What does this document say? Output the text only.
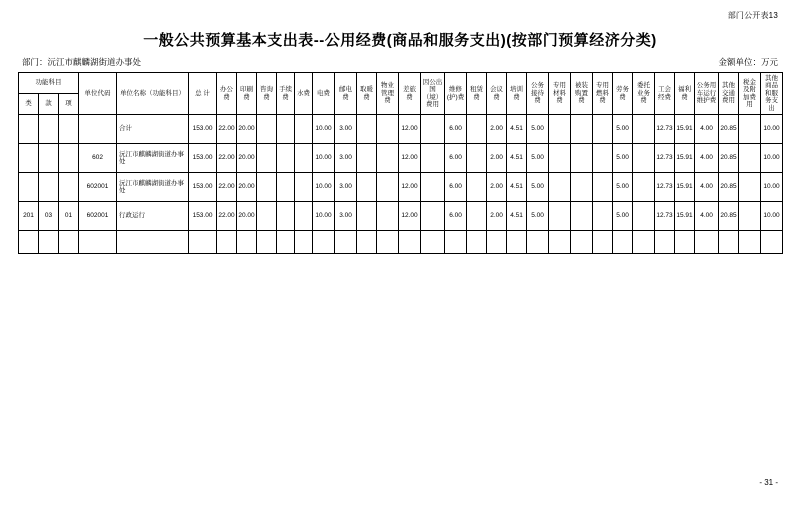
部门公开表13
一般公共预算基本支出表--公用经费(商品和服务支出)(按部门预算经济分类)
部门：沅江市麒麟湖街道办事处	金额单位：万元
功能科目			单位代码	单位名称（功能科目）	总 计	办公费	印刷费	咨询费	手续费	水费	电费	邮电费	取暖费	物业管理费	差旅费	因公出国（境）费用	维修(护)费	租赁费	会议费	培训费	公务接待费	专用材料费	被装购置费	专用燃料费	劳务费	委托业务费	工会经费	福利费	公务用车运行维护费	其他交通费用	税金及附加费用	其他商品和服务支出
类	款	项																														
				合计	153.00	22.00	20.00				10.00	3.00			12.00		6.00		2.00	4.51	5.00				5.00		12.73	15.91	4.00	20.85		10.00
			602	沅江市麒麟湖街道办事处	153.00	22.00	20.00				10.00	3.00			12.00		6.00		2.00	4.51	5.00				5.00		12.73	15.91	4.00	20.85		10.00
			602001	沅江市麒麟湖街道办事处	153.00	22.00	20.00				10.00	3.00			12.00		6.00		2.00	4.51	5.00				5.00		12.73	15.91	4.00	20.85		10.00
201	03	01	602001	行政运行	153.00	22.00	20.00				10.00	3.00			12.00		6.00		2.00	4.51	5.00				5.00		12.73	15.91	4.00	20.85		10.00

- 31 -
